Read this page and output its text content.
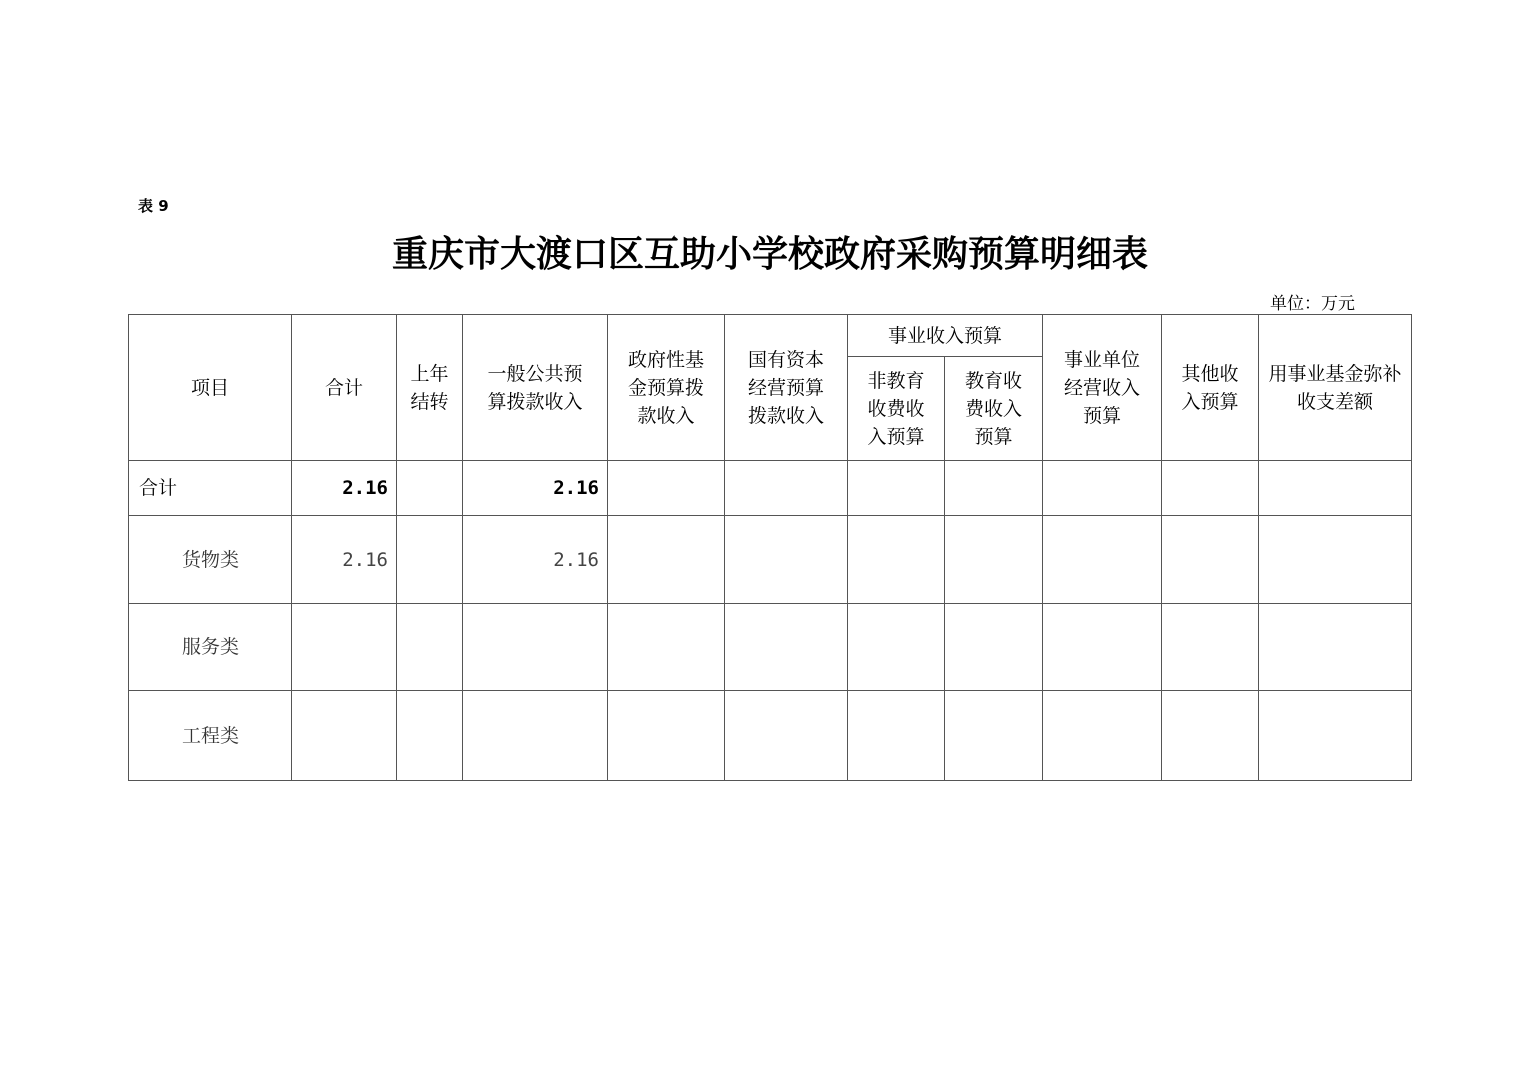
表 9
重庆市大渡口区互助小学校政府采购预算明细表
单位：万元
项目	合计	上年结转	一般公共预算拨款收入	政府性基金预算拨款收入	国有资本经营预算拨款收入	事业收入预算		事业单位经营收入预算	其他收入预算	用事业基金弥补收支差额
						非教育收费收入预算	教育收费收入预算			
合计	2.16		2.16							
货物类	2.16		2.16							
服务类										
工程类										
